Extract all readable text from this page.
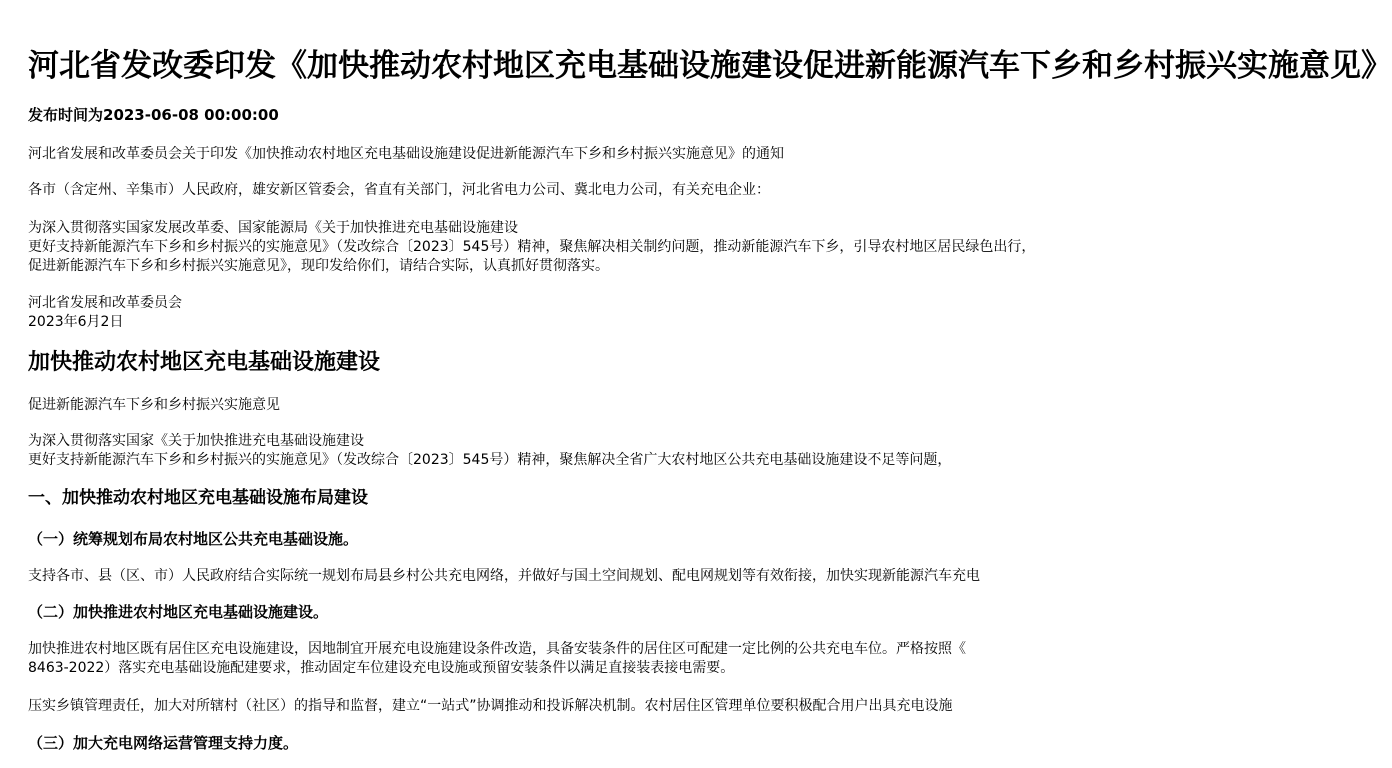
河北省发改委印发《加快推动农村地区充电基础设施建设促进新能源汽车下乡和乡村振兴实施意见》
发布时间为2023-06-08 00:00:00
河北省发展和改革委员会关于印发《加快推动农村地区充电基础设施建设促进新能源汽车下乡和乡村振兴实施意见》的通知
各市（含定州、辛集市）人民政府，雄安新区管委会，省直有关部门，河北省电力公司、冀北电力公司，有关充电企业：
为深入贯彻落实国家发展改革委、国家能源局《关于加快推进充电基础设施建设
更好支持新能源汽车下乡和乡村振兴的实施意见》（发改综合〔2023〕545号）精神，聚焦解决相关制约问题，推动新能源汽车下乡，引导农村地区居民绿色出行，
促进新能源汽车下乡和乡村振兴实施意见》，现印发给你们，请结合实际，认真抓好贯彻落实。
河北省发展和改革委员会
2023年6月2日
加快推动农村地区充电基础设施建设
促进新能源汽车下乡和乡村振兴实施意见
为深入贯彻落实国家《关于加快推进充电基础设施建设
更好支持新能源汽车下乡和乡村振兴的实施意见》（发改综合〔2023〕545号）精神，聚焦解决全省广大农村地区公共充电基础设施建设不足等问题，
一、加快推动农村地区充电基础设施布局建设
（一）统筹规划布局农村地区公共充电基础设施。
支持各市、县（区、市）人民政府结合实际统一规划布局县乡村公共充电网络，并做好与国土空间规划、配电网规划等有效衔接，加快实现新能源汽车充电
（二）加快推进农村地区充电基础设施建设。
加快推进农村地区既有居住区充电设施建设，因地制宜开展充电设施建设条件改造，具备安装条件的居住区可配建一定比例的公共充电车位。严格按照《
8463-2022）落实充电基础设施配建要求，推动固定车位建设充电设施或预留安装条件以满足直接装表接电需要。
压实乡镇管理责任，加大对所辖村（社区）的指导和监督，建立“一站式”协调推动和投诉解决机制。农村居住区管理单位要积极配合用户出具充电设施
（三）加大充电网络运营管理支持力度。
